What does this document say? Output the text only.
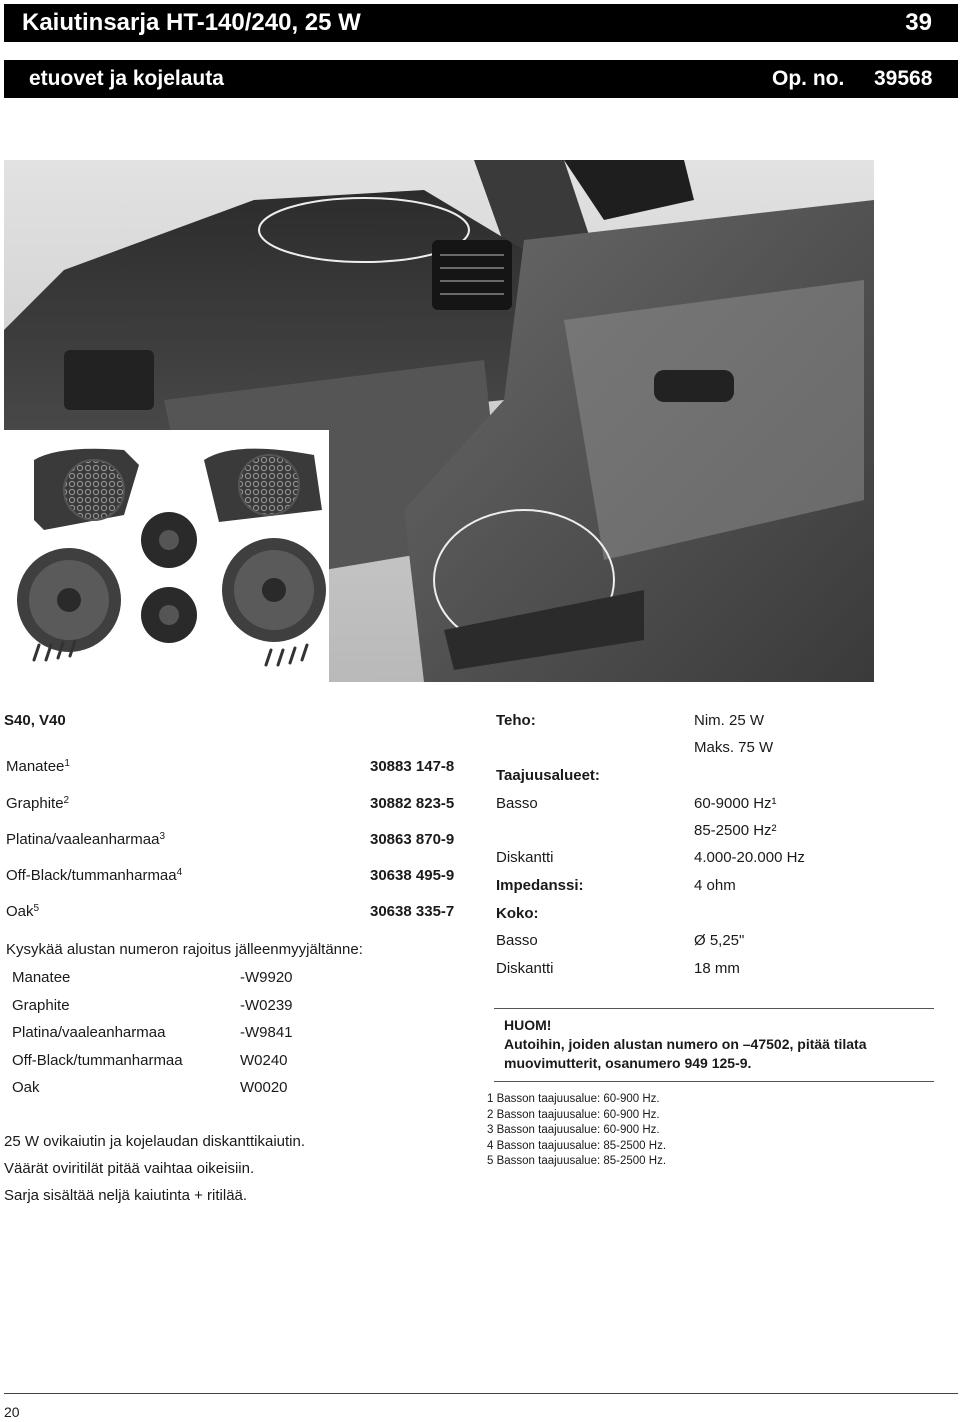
Kaiutinsarja HT-140/240, 25 W	39
etuovet ja kojelauta	Op. no. 39568
S40, V40
Manatee$^1$	30883 147-8
Graphite$^2$	30882 823-5
Platina/vaaleanharmaa$^3$	30863 870-9
Off-Black/tummanharmaa$^4$	30638 495-9
Oak$^5$	30638 335-7
Kysykää alustan numeron rajoitus jälleenmyyjältänne:
Manatee	-W9920
Graphite	-W0239
Platina/vaaleanharmaa	-W9841
Off-Black/tummanharmaa	W0240
Oak	W0020
25 W ovikaiutin ja kojelaudan diskanttikaiutin.
Väärät oviritilät pitää vaihtaa oikeisiin.
Sarja sisältää neljä kaiutinta + ritilää.
Teho:	Nim. 25 W
Maks. 75 W
Taajuusalueet:
Basso	60-9000 Hz¹
85-2500 Hz²
Diskantti	4.000-20.000 Hz
Impedanssi:	4 ohm
Koko:
Basso	Ø 5,25"
Diskantti	18 mm
HUOM!
Autoihin, joiden alustan numero on –47502, pitää tilata
muovimutterit, osanumero 949 125-9.
1 Basson taajuusalue: 60-900 Hz.
2 Basson taajuusalue: 60-900 Hz.
3 Basson taajuusalue: 60-900 Hz.
4 Basson taajuusalue: 85-2500 Hz.
5 Basson taajuusalue: 85-2500 Hz.
20
